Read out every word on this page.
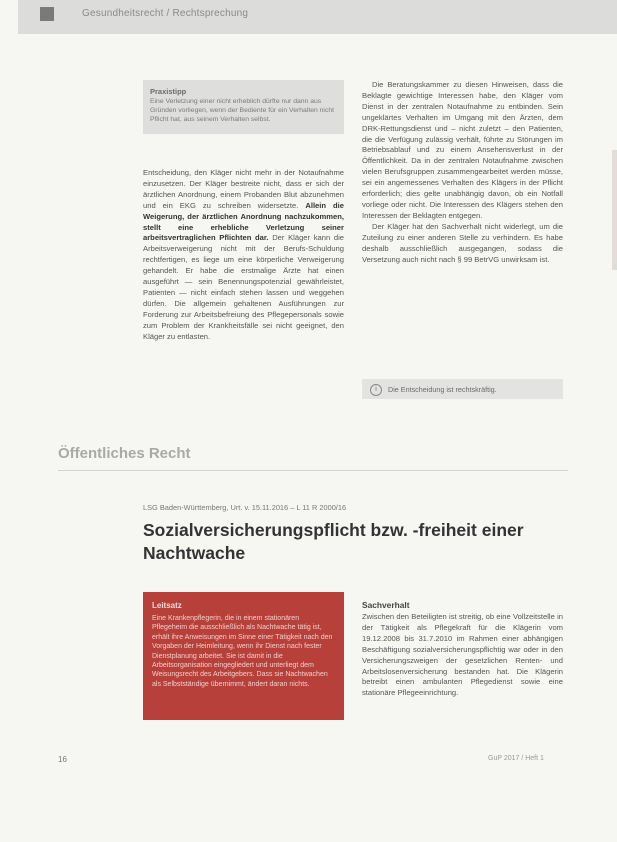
Gesundheitsrecht / Rechtsprechung
Praxistipp
Eine Verletzung einer nicht erheblich dürfte nur dann aus Gründen vorliegen, wenn der Bediente für ein Verhalten nicht Pflicht hat, aus seinem Verhalten selbst.

Entscheidung, den Kläger nicht mehr in der Notaufnahme einzusetzen. Der Kläger bestreite nicht, dass er sich der ärztlichen Anordnung, einem Probanden Blut abzunehmen und ein EKG zu schreiben widersetzte. Allein die Weigerung, der ärztlichen Anordnung nachzukommen, stellt eine erhebliche Verletzung seiner arbeitsvertraglichen Pflichten dar. Der Kläger kann die Arbeitsverweigerung nicht mit der Berufs-Schuldung rechtfertigen, es liege um eine körperliche Verweigerung gehandelt. Er habe die erstmalige Ärzte hat einen ausgeführt — sein Benennungspotenzial gewährleistet, Patienten — nicht einfach stehen lassen und weggehen dürfen. Die allgemein gehaltenen Ausführungen zur Forderung zur Arbeitsbefreiung des Pflegepersonals sowie zum Problem der Krankheitsfälle sei nicht geeignet, den Kläger zu entlasten.

Die Beratungskammer zu diesen Hinweisen, dass die Beklagte gewichtige Interessen habe, den Kläger vom Dienst in der zentralen Notaufnahme zu entbinden. Sein ungeklärtes Verhalten im Umgang mit den Ärzten, dem DRK-Rettungsdienst und – nicht zuletzt – den Patienten, die die Verfügung zulässig verhält, führte zu Störungen im Betriebsablauf und zu einem Ansehensverlust in der Öffentlichkeit. Da in der zentralen Notaufnahme zwischen vielen Berufsgruppen zusammengearbeitet werden müsse, sei ein angemessenes Verhalten des Klägers in der Pflicht erforderlich; dies gelte unabhängig davon, ob ein Notfall vorliege oder nicht. Die Interessen des Klägers stehen den Interessen der Beklagten entgegen.

Der Kläger hat den Sachverhalt nicht widerlegt, um die Zuteilung zu einer anderen Stelle zu verhindern. Es habe deshalb ausschließlich ausgegangen, sodass die Versetzung auch nicht nach § 99 BetrVG unwirksam ist.

i	Die Entscheidung ist rechtskräftig.
Öffentliches Recht
LSG Baden-Württemberg, Urt. v. 15.11.2016 – L 11 R 2000/16
Sozialversicherungspflicht bzw. -freiheit einer Nachtwache
Leitsatz
Eine Krankenpflegerin, die in einem stationären Pflegeheim die ausschließlich als Nachtwache tätig ist, erhält ihre Anweisungen im Sinne einer Tätigkeit nach den Vorgaben der Heimleitung, wenn ihr Dienst nach fester Dienstplanung arbeitet. Sie ist damit in die Arbeitsorganisation eingegliedert und unterliegt dem Weisungsrecht des Arbeitgebers. Dass sie Nachtwachen als Selbstständige übernimmt, ändert daran nichts.
Sachverhalt

Zwischen den Beteiligten ist streitig, ob eine Vollzeitstelle in der Tätigkeit als Pflegekraft für die Klägerin vom 19.12.2008 bis 31.7.2010 im Rahmen einer abhängigen Beschäftigung sozialversicherungspflichtig war oder in den Versicherungszweigen der gesetzlichen Renten- und Arbeitslosenversicherung bestanden hat. Die Klägerin betreibt einen ambulanten Pflegedienst sowie eine stationäre Pflegeeinrichtung.

16	GuP 2017 / Heft 1
